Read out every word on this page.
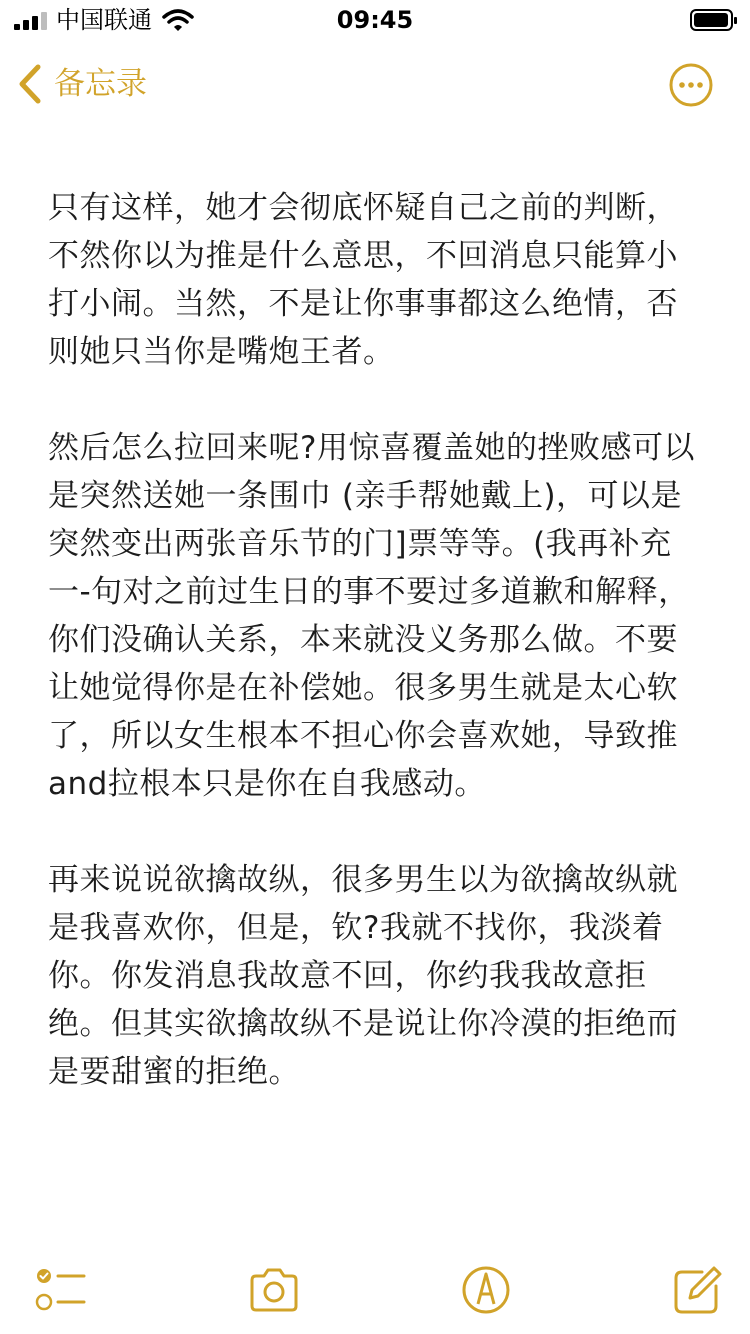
中国联通	09:45
备忘录

只有这样，她才会彻底怀疑自己之前的判断，不然你以为推是什么意思，不回消息只能算小打小闹。当然，不是让你事事都这么绝情，否则她只当你是嘴炮王者。

然后怎么拉回来呢?用惊喜覆盖她的挫败感可以是突然送她一条围巾 (亲手帮她戴上)，可以是突然变出两张音乐节的门]票等等。(我再补充一-句对之前过生日的事不要过多道歉和解释，你们没确认关系，本来就没义务那么做。不要让她觉得你是在补偿她。很多男生就是太心软了，所以女生根本不担心你会喜欢她，导致推and拉根本只是你在自我感动。

再来说说欲擒故纵，很多男生以为欲擒故纵就是我喜欢你，但是，钦?我就不找你，我淡着你。你发消息我故意不回，你约我我故意拒绝。但其实欲擒故纵不是说让你冷漠的拒绝而是要甜蜜的拒绝。
